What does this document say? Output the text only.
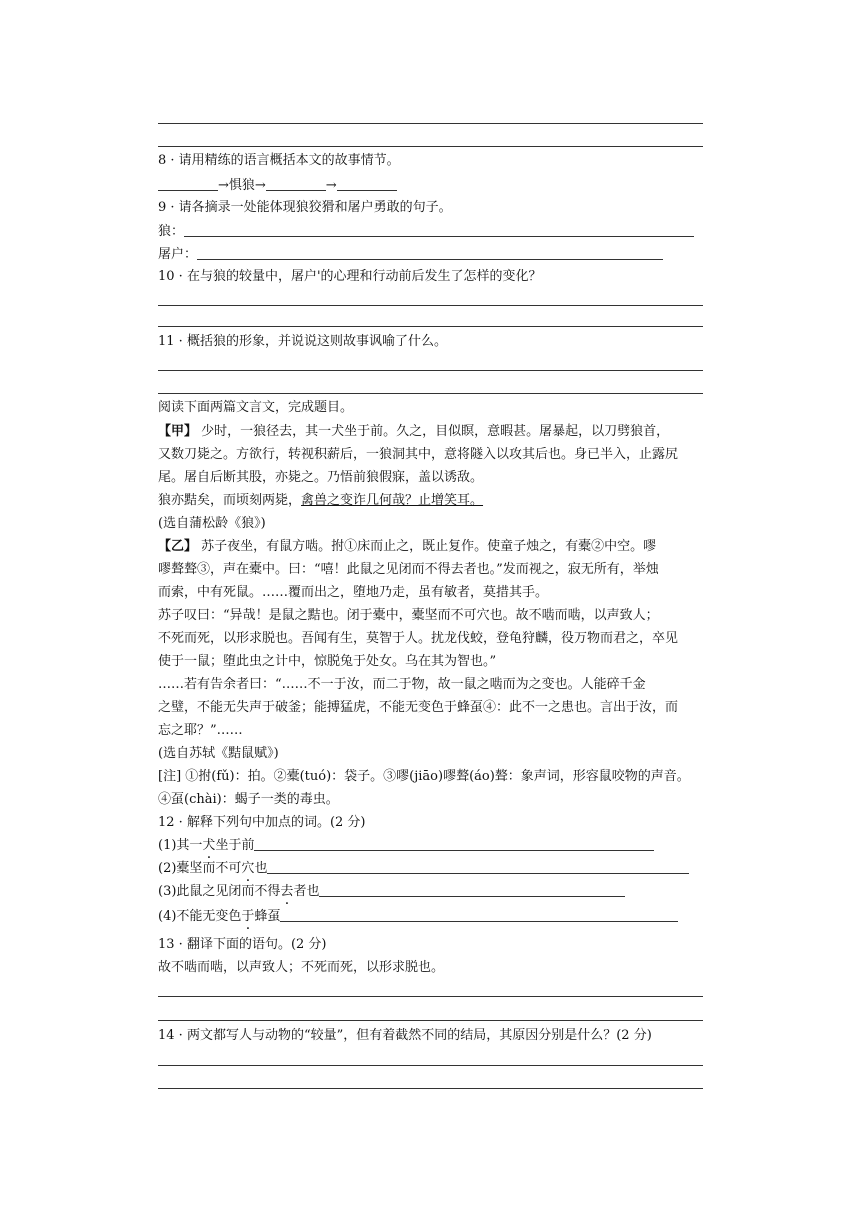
8 · 请用精练的语言概括本文的故事情节。
→惧狼→	→
9 · 请各摘录一处能体现狼狡猾和屠户勇敢的句子。
狼：
屠户：
10 · 在与狼的较量中，屠户'的心理和行动前后发生了怎样的变化？
11 · 概括狼的形象，并说说这则故事讽喻了什么。
阅读下面两篇文言文，完成题目。
【甲】 少时，一狼径去，其一犬坐于前。久之，目似瞑，意暇甚。屠暴起，以刀劈狼首，
又数刀毙之。方欲行，转视积薪后，一狼洞其中，意将隧入以攻其后也。身已半入，止露尻
尾。屠自后断其股，亦毙之。乃悟前狼假寐，盖以诱敌。
狼亦黠矣，而顷刻两毙，禽兽之变诈几何哉？止增笑耳。
(选自蒲松龄《狼》)
【乙】 苏子夜坐，有鼠方啮。拊①床而止之，既止复作。使童子烛之，有橐②中空。嘐
嘐聱聱③，声在橐中。曰：“嘻！此鼠之见闭而不得去者也。”发而视之，寂无所有，举烛
而索，中有死鼠。……覆而出之，堕地乃走，虽有敏者，莫措其手。
苏子叹曰：“异哉！是鼠之黠也。闭于橐中，橐坚而不可穴也。故不啮而啮，以声致人；
不死而死，以形求脱也。吾闻有生，莫智于人。扰龙伐蛟，登龟狩麟，役万物而君之，卒见
使于一鼠；堕此虫之计中，惊脱兔于处女。乌在其为智也。”
……若有告余者曰：“……不一于汝，而二于物，故一鼠之啮而为之变也。人能碎千金
之璧，不能无失声于破釜；能搏猛虎，不能无变色于蜂虿④：此不一之患也。言出于汝，而
忘之耶？”……
(选自苏轼《黠鼠赋》)
[注] ①拊(fǔ)：拍。②橐(tuó)：袋子。③嘐(jiāo)嘐聱(áo)聱：象声词，形容鼠咬物的声音。
④虿(chài)：蝎子一类的毒虫。
12 · 解释下列句中加点的词。(2 分)
(1)其一犬坐于前
(2)橐坚而不可穴也
(3)此鼠之见闭而不得去者也
(4)不能无变色于蜂虿
13 · 翻译下面的语句。(2 分)
故不啮而啮，以声致人；不死而死，以形求脱也。
14 · 两文都写人与动物的“较量”，但有着截然不同的结局，其原因分别是什么？(2 分)
